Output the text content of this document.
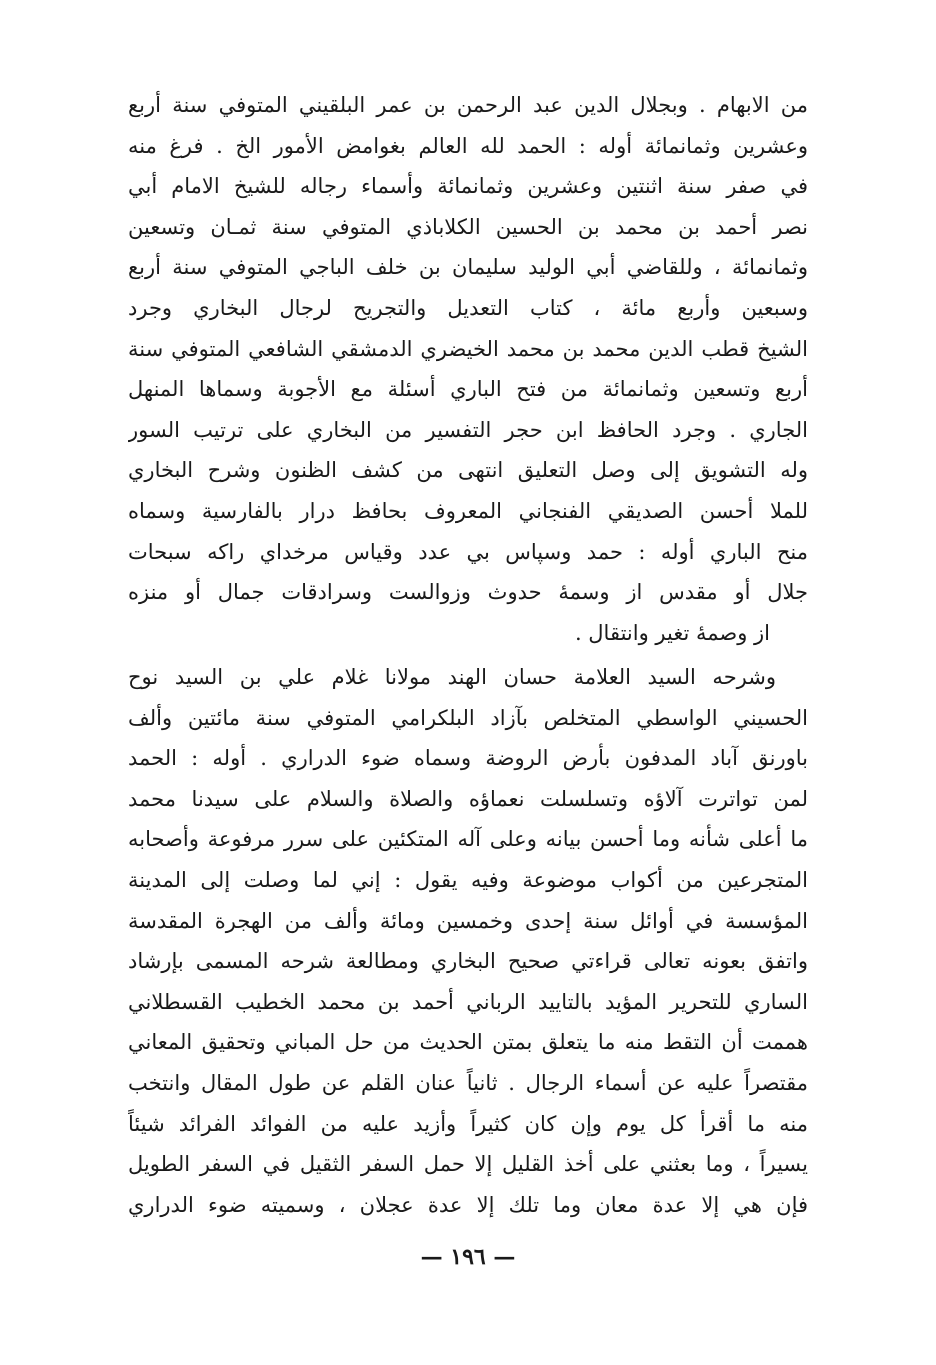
من الابهام . وبجلال الدين عبد الرحمن بن عمر البلقيني المتوفي سنة أربع
وعشرين وثمانمائة أوله : الحمد لله العالم بغوامض الأمور الخ . فرغ منه
في صفر سنة اثنتين وعشرين وثمانمائة وأسماء رجاله للشيخ الامام أبي
نصر أحمد بن محمد بن الحسين الكلاباذي المتوفي سنة ثمـان وتسعين
وثمانمائة ، وللقاضي أبي الوليد سليمان بن خلف الباجي المتوفي سنة أربع
وسبعين وأربع مائة ، كتاب التعديل والتجريح لرجال البخاري وجرد
الشيخ قطب الدين محمد بن محمد الخيضري الدمشقي الشافعي المتوفي سنة
أربع وتسعين وثمانمائة من فتح الباري أسئلة مع الأجوبة وسماها المنهل
الجاري . وجرد الحافظ ابن حجر التفسير من البخاري على ترتيب السور
وله التشويق إلى وصل التعليق انتهى من كشف الظنون وشرح البخاري
للملا أحسن الصديقي الفنجاني المعروف بحافظ درار بالفارسية وسماه
منح الباري أوله : حمد وسپاس بي عدد وقياس مرخداي راكه سبحات
جلال أو مقدس از وسمهٔ حدوث وزوالست وسرادقات جمال أو منزه
از وصمهٔ تغير وانتقال .
وشرحه السيد العلامة حسان الهند مولانا غلام علي بن السيد نوح
الحسيني الواسطي المتخلص بآزاد البلكرامي المتوفي سنة مائتين وألف
باورنق آباد المدفون بأرض الروضة وسماه ضوء الدراري . أوله : الحمد
لمن تواترت آلاؤه وتسلسلت نعماؤه والصلاة والسلام على سيدنا محمد
ما أعلى شأنه وما أحسن بيانه وعلى آله المتكئين على سرر مرفوعة وأصحابه
المتجرعين من أكواب موضوعة وفيه يقول : إني لما وصلت إلى المدينة
المؤسسة في أوائل سنة إحدى وخمسين ومائة وألف من الهجرة المقدسة
واتفق بعونه تعالى قراءتي صحيح البخاري ومطالعة شرحه المسمى بإرشاد
الساري للتحرير المؤيد بالتاييد الرباني أحمد بن محمد الخطيب القسطلاني
هممت أن التقط منه ما يتعلق بمتن الحديث من حل المباني وتحقيق المعاني
مقتصراً عليه عن أسماء الرجال . ثانياً عنان القلم عن طول المقال وانتخب
منه ما أقرأ كل يوم وإن كان كثيراً وأزيد عليه من الفوائد الفرائد شيئاً
يسيراً ، وما بعثني على أخذ القليل إلا حمل السفر الثقيل في السفر الطويل
فإن هي إلا عدة معان وما تلك إلا عدة عجلان ، وسميته ضوء الدراري
— ١٩٦ —
